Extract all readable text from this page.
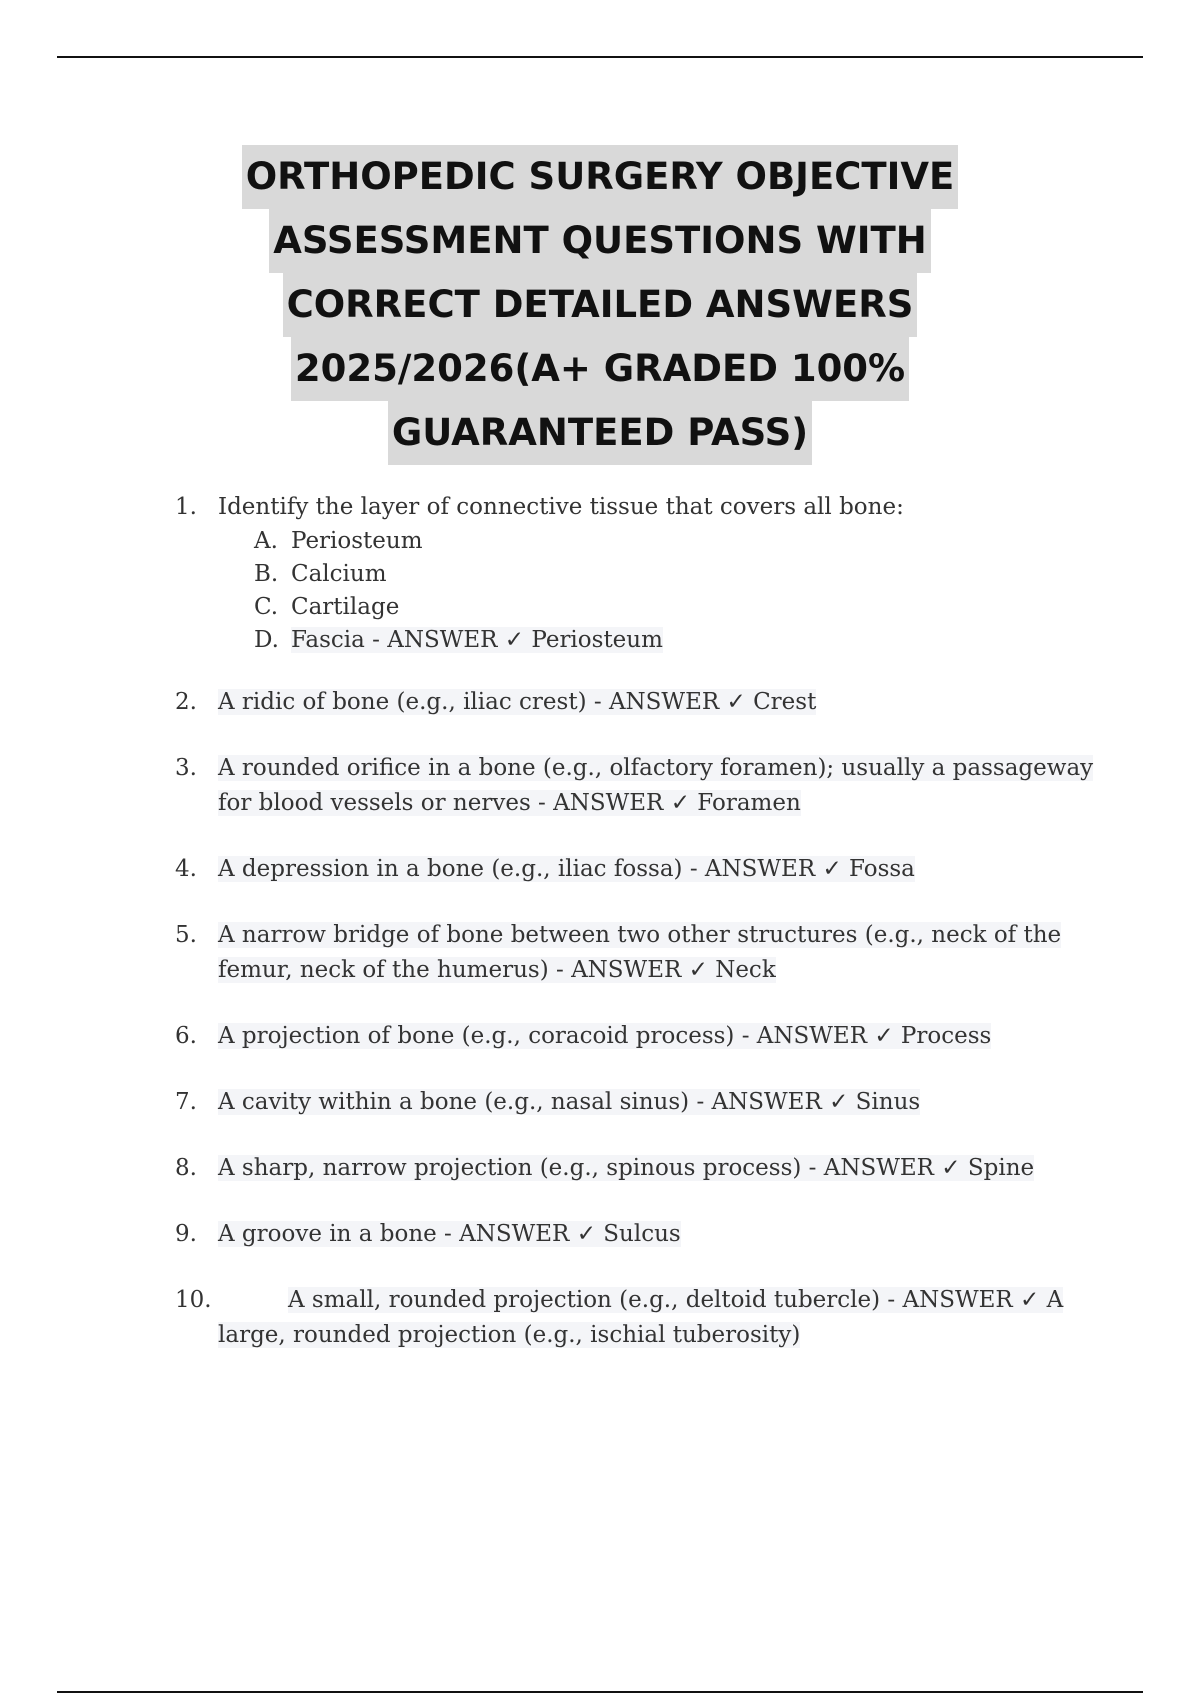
ORTHOPEDIC SURGERY OBJECTIVE
ASSESSMENT QUESTIONS WITH
CORRECT DETAILED ANSWERS
2025/2026(A+ GRADED 100%
GUARANTEED PASS)
1. Identify the layer of connective tissue that covers all bone:
A. Periosteum
B. Calcium
C. Cartilage
D. Fascia - ANSWER ✓ Periosteum
2. A ridic of bone (e.g., iliac crest) - ANSWER ✓ Crest
3. A rounded orifice in a bone (e.g., olfactory foramen); usually a passageway for blood vessels or nerves - ANSWER ✓ Foramen
4. A depression in a bone (e.g., iliac fossa) - ANSWER ✓ Fossa
5. A narrow bridge of bone between two other structures (e.g., neck of the femur, neck of the humerus) - ANSWER ✓ Neck
6. A projection of bone (e.g., coracoid process) - ANSWER ✓ Process
7. A cavity within a bone (e.g., nasal sinus) - ANSWER ✓ Sinus
8. A sharp, narrow projection (e.g., spinous process) - ANSWER ✓ Spine
9. A groove in a bone - ANSWER ✓ Sulcus
10.	A small, rounded projection (e.g., deltoid tubercle) - ANSWER ✓ A large, rounded projection (e.g., ischial tuberosity)
